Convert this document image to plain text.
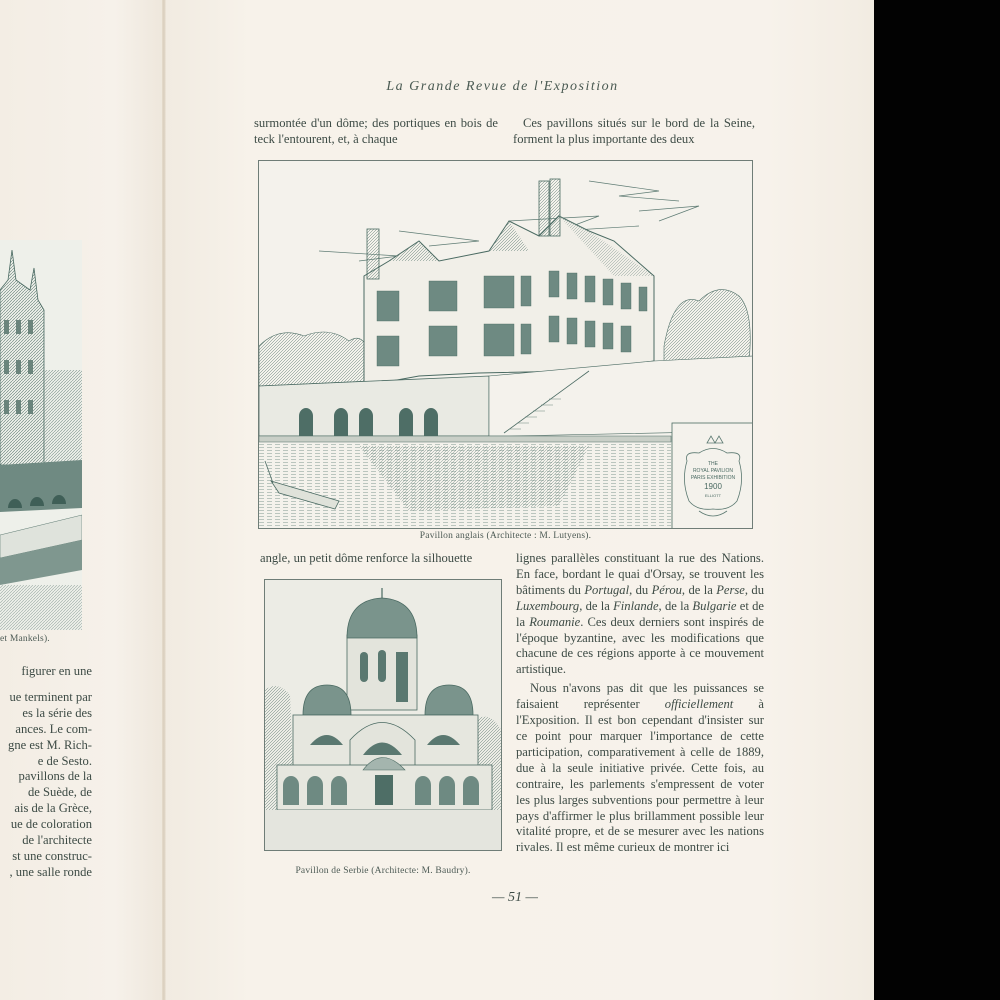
et Mankels).
figurer en une
ue terminent par
es la série des
ances. Le com-
gne est M. Rich-
e de Sesto.
pavillons de la
de Suède, de
ais de la Grèce,
ue de coloration
de l'architecte
st une construc-
, une salle ronde
La Grande Revue de l'Exposition

surmontée d'un dôme; des portiques en bois de teck l'entourent, et, à chaque

Ces pavillons situés sur le bord de la Seine, forment la plus importante des deux

THE
ROYAL PAVILION
PARIS EXHIBITION
1900
ELLIOTT
Pavillon anglais (Architecte : M. Lutyens).
angle, un petit dôme renforce la silhouette	lignes parallèles constituant la rue des Nations. En face, bordant le quai d'Orsay, se trouvent les bâtiments du Portugal, du Pérou, de la Perse, du Luxembourg, de la Finlande, de la Bulgarie et de la Roumanie. Ces deux derniers sont inspirés de l'époque byzantine, avec les modifications que chacune de ces régions apporte à ce mouvement artistique.

Nous n'avons pas dit que les puissances se faisaient représenter officiellement à l'Exposition. Il est bon cependant d'insister sur ce point pour marquer l'importance de cette participation, comparativement à celle de 1889, due à la seule initiative privée. Cette fois, au contraire, les parlements s'empressent de voter les plus larges subventions pour permettre à leur pays d'affirmer le plus brillamment possible leur vitalité propre, et de se mesurer avec les nations rivales. Il est même curieux de montrer ici

Pavillon de Serbie (Architecte: M. Baudry).
— 51 —
